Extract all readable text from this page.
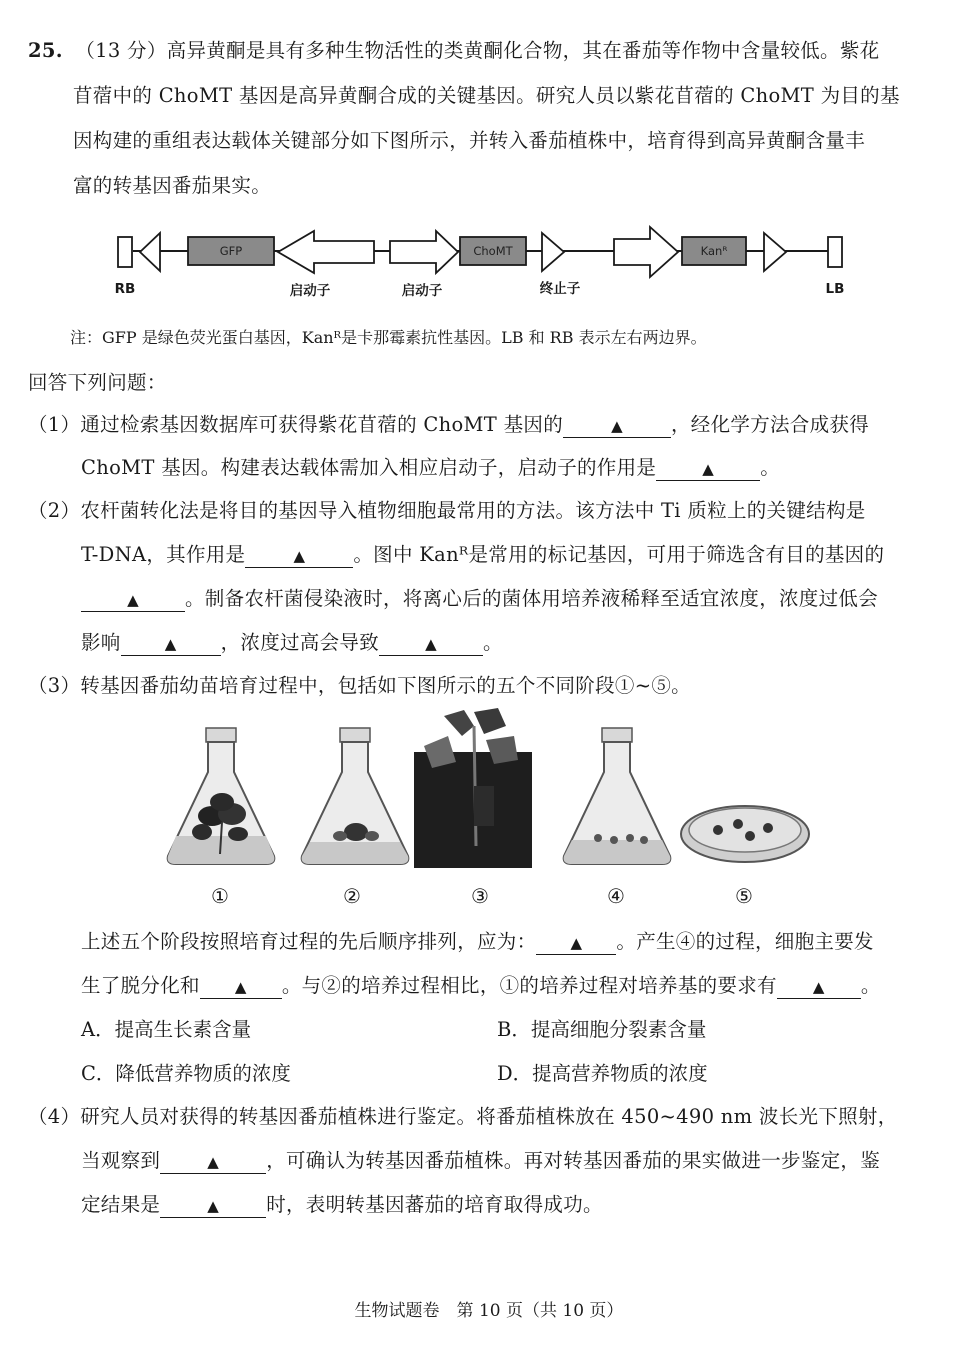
25. （13 分）高异黄酮是具有多种生物活性的类黄酮化合物，其在番茄等作物中含量较低。紫花
苜蓿中的 ChoMT 基因是高异黄酮合成的关键基因。研究人员以紫花苜蓿的 ChoMT 为目的基
因构建的重组表达载体关键部分如下图所示，并转入番茄植株中，培育得到高异黄酮含量丰
富的转基因番茄果实。
GFP	ChoMT	Kanᴿ
RB	启动子	启动子	终止子	LB
注：GFP 是绿色荧光蛋白基因，Kanᴿ是卡那霉素抗性基因。LB 和 RB 表示左右两边界。
回答下列问题：
（1）通过检索基因数据库可获得紫花苜蓿的 ChoMT 基因的	▲ ，经化学方法合成获得
ChoMT 基因。构建表达载体需加入相应启动子，启动子的作用是	▲ 。
（2）农杆菌转化法是将目的基因导入植物细胞最常用的方法。该方法中 Ti 质粒上的关键结构是
T-DNA，其作用是	▲ 。图中 Kanᴿ是常用的标记基因，可用于筛选含有目的基因的
▲ 。制备农杆菌侵染液时，将离心后的菌体用培养液稀释至适宜浓度，浓度过低会
影响	▲ ，浓度过高会导致	▲ 。
（3）转基因番茄幼苗培育过程中，包括如下图所示的五个不同阶段①~⑤。
①	②	③	④	⑤
上述五个阶段按照培育过程的先后顺序排列，应为： ▲ 。产生④的过程，细胞主要发
生了脱分化和 ▲ 。与②的培养过程相比，①的培养过程对培养基的要求有 ▲ 。
A．提高生长素含量	B．提高细胞分裂素含量
C．降低营养物质的浓度	D．提高营养物质的浓度
（4）研究人员对获得的转基因番茄植株进行鉴定。将番茄植株放在 450~490 nm 波长光下照射，
当观察到	▲ ，可确认为转基因番茄植株。再对转基因番茄的果实做进一步鉴定，鉴
定结果是	▲ 时，表明转基因蕃茄的培育取得成功。
生物试题卷　第 10 页（共 10 页）
